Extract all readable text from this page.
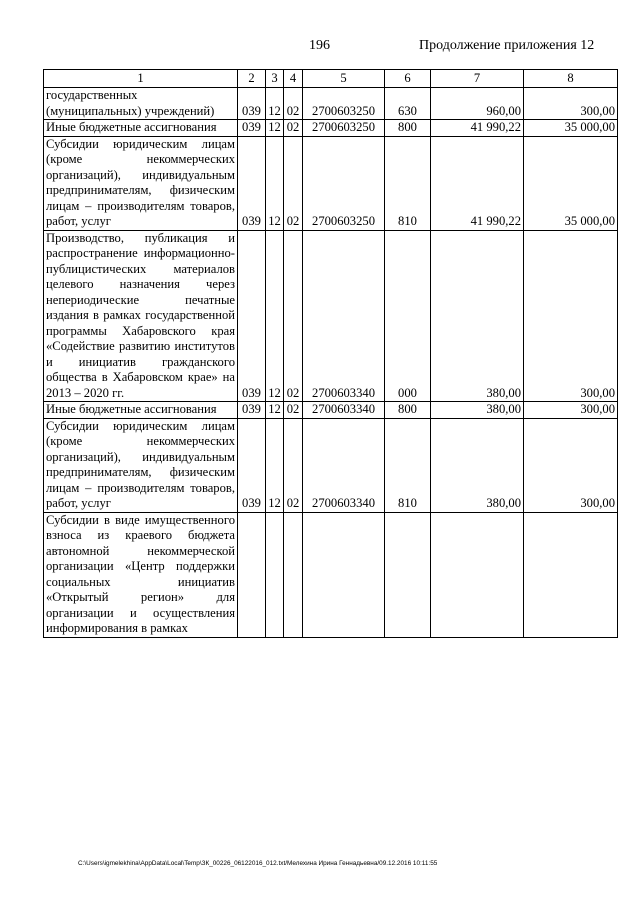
196	Продолжение приложения 12
1	2	3	4	5	6	7	8

государственных (муниципальных) учреждений)	039	12	02	2700603250	630	960,00	300,00

Иные бюджетные ассигнования	039	12	02	2700603250	800	41 990,22	35 000,00

Субсидии юридическим лицам (кроме некоммерческих организаций), индивидуальным предпринимателям, физическим лицам – производителям товаров, работ, услуг	039	12	02	2700603250	810	41 990,22	35 000,00

Производство, публикация и распространение информационно-публицистических материалов целевого назначения через непериодические печатные издания в рамках государственной программы Хабаровского края «Содействие развитию институтов и инициатив гражданского общества в Хабаровском крае» на 2013 – 2020 гг.	039	12	02	2700603340	000	380,00	300,00

Иные бюджетные ассигнования	039	12	02	2700603340	800	380,00	300,00

Субсидии юридическим лицам (кроме некоммерческих организаций), индивидуальным предпринимателям, физическим лицам – производителям товаров, работ, услуг	039	12	02	2700603340	810	380,00	300,00

Субсидии в виде имущественного взноса из краевого бюджета автономной некоммерческой организации «Центр поддержки социальных инициатив «Открытый регион» для организации и осуществления информирования в рамках							

C:\Users\igmelekhina\AppData\Local\Temp\ЗК_00226_06122016_012.txt/Мелехина Ирина Геннадьевна/09.12.2016 10:11:55
